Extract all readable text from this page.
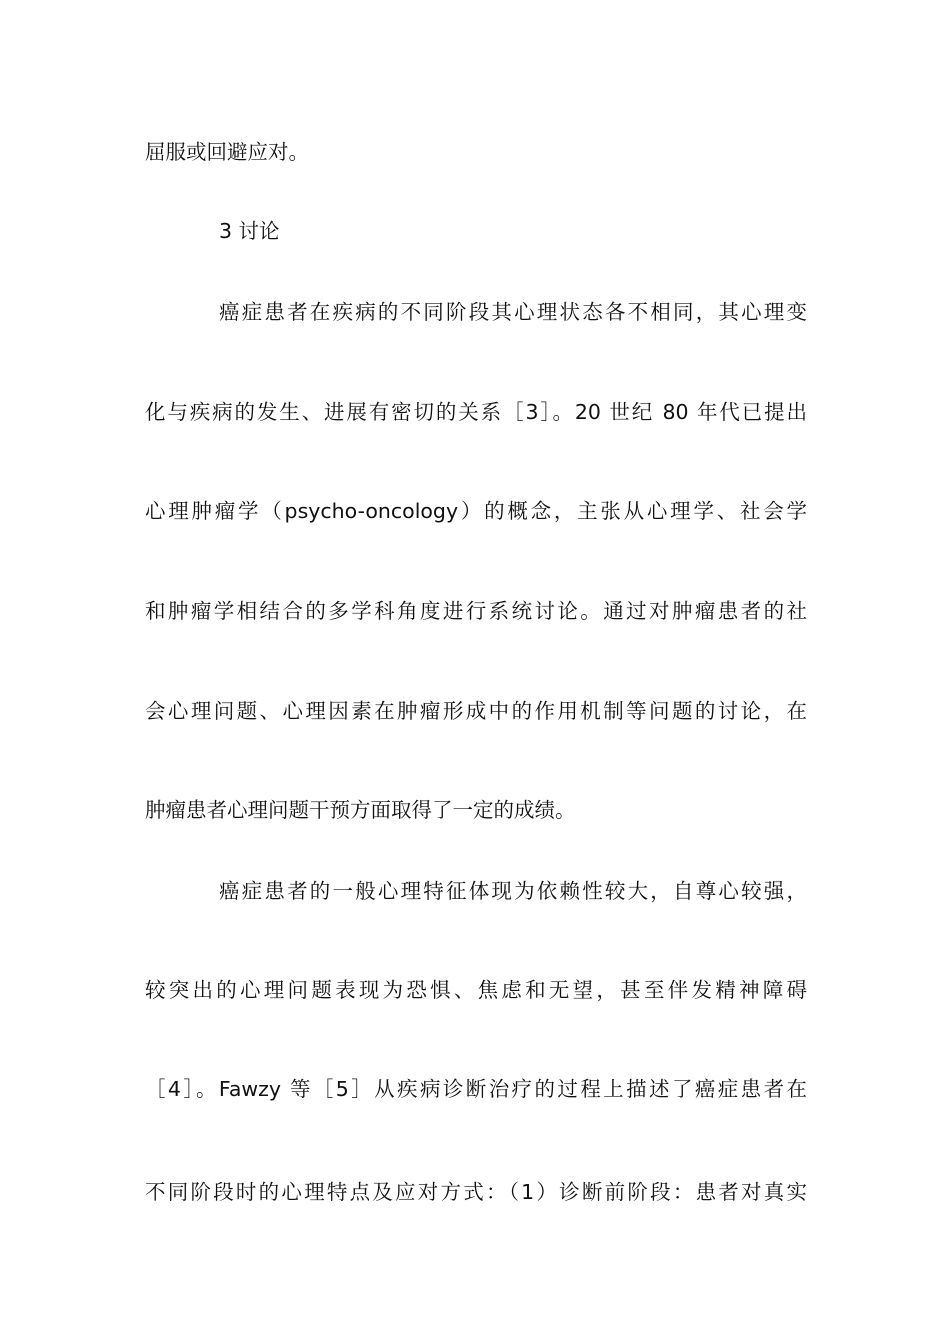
屈服或回避应对。
3 讨论
癌症患者在疾病的不同阶段其心理状态各不相同，其心理变
化与疾病的发生、进展有密切的关系［3］。20 世纪 80 年代已提出
心理肿瘤学（psycho-oncology）的概念，主张从心理学、社会学
和肿瘤学相结合的多学科角度进行系统讨论。通过对肿瘤患者的社
会心理问题、心理因素在肿瘤形成中的作用机制等问题的讨论，在
肿瘤患者心理问题干预方面取得了一定的成绩。
癌症患者的一般心理特征体现为依赖性较大，自尊心较强，
较突出的心理问题表现为恐惧、焦虑和无望，甚至伴发精神障碍
［4］。Fawzy 等［5］从疾病诊断治疗的过程上描述了癌症患者在
不同阶段时的心理特点及应对方式：（1）诊断前阶段：患者对真实
